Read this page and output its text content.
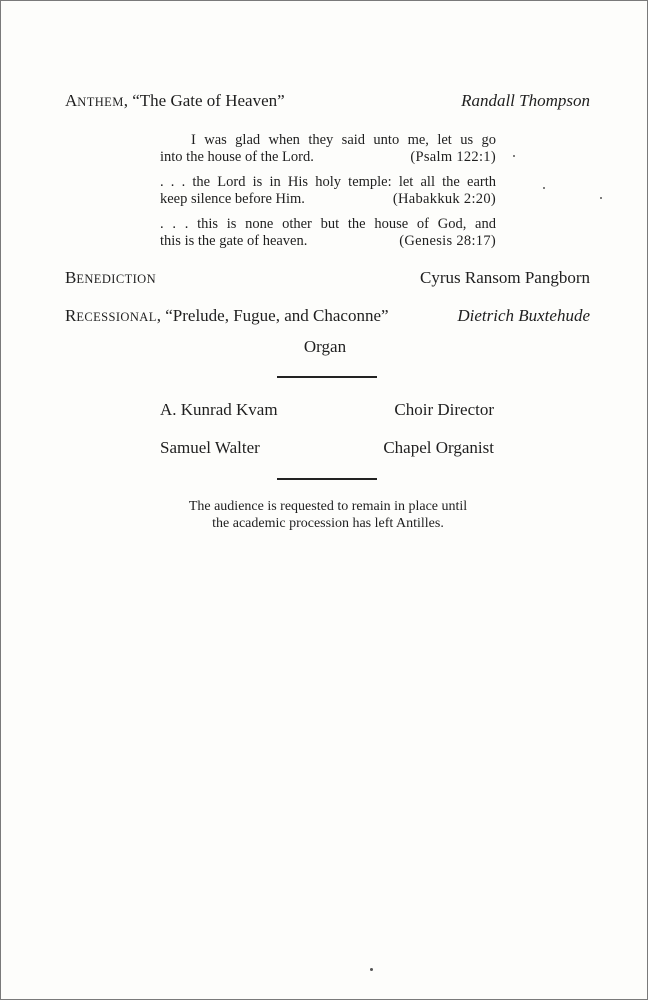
ANTHEM, “The Gate of Heaven”	Randall Thompson
I was glad when they said unto me, let us go
into the house of the Lord.	(Psalm 122:1)
. . . the Lord is in His holy temple: let all the earth
keep silence before Him.	(Habakkuk 2:20)
. . . this is none other but the house of God, and
this is the gate of heaven.	(Genesis 28:17)
BENEDICTION	Cyrus Ransom Pangborn
RECESSIONAL, “Prelude, Fugue, and Chaconne”	Dietrich Buxtehude
Organ
A. Kunrad Kvam	Choir Director
Samuel Walter	Chapel Organist
The audience is requested to remain in place until
the academic procession has left Antilles.
